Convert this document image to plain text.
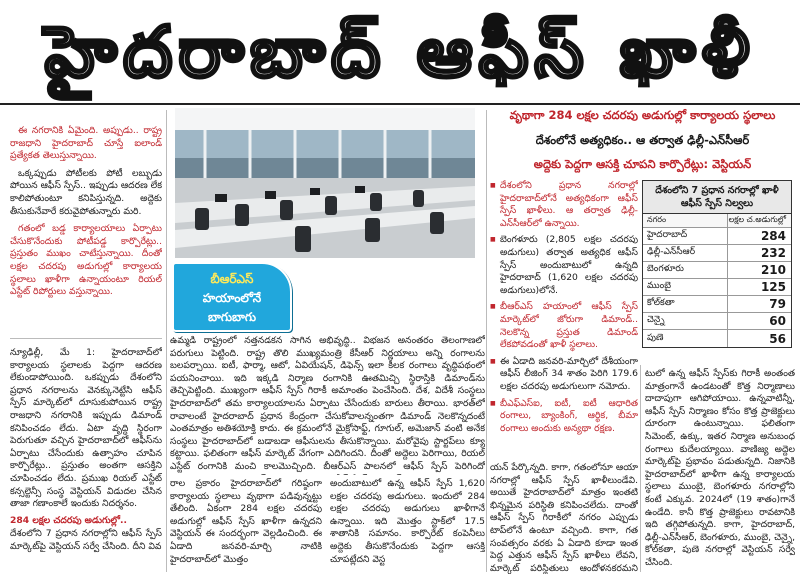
హైదరాబాద్ ఆఫీస్ ఖాళీ

ఈ నగరానికి ఏమైంది. అప్పుడు.. రాష్ట్ర రాజధాని హైదరాబాద్‌ చూస్తే ఐలాండ్‌ ప్రత్యేకత తెలుస్తున్నాయి.

ఒక్కప్పుడు పోటీలకు పోటీ లబ్బుడు పోయిన ఆఫీస్‌ స్పేస్‌.. ఇప్పుడు ఆదరణ లేక కాలిపోతుంటూ కనిపిస్తున్నది. అద్దెకు తీసుకునేవారే కరువైపోతున్నారు మరి.

గతంలో బడ్డ కార్యాలయాలు ఏర్పాటు చేసుకొనేందుకు పోటీపడ్డ కార్పొరేట్లు.. ప్రస్తుతం ముఖం చాటేస్తున్నాయి. దీంతో లక్షల చదరపు అడుగుల్లో కార్యాలయ స్థలాలు ఖాళీగా ఉన్నాయంటూ రియల్‌ ఎస్టేట్‌ రిపోర్టులు వస్తున్నాయి.

బీఆర్‌ఎస్‌
హయాంలోనే
బాగుబాగు
వృథాగా 284 లక్షల చదరపు అడుగుల్లో కార్యాలయ స్థలాలు
దేశంలోనే అత్యధికం.. ఆ తర్వాత ఢిల్లీ-ఎన్‌సీఆర్‌
అద్దెకు పెద్దగా ఆసక్తి చూపని కార్పొరేట్లు: వెస్టియన్‌

■ దేశంలోని ప్రధాన నగరాల్లో హైదరాబాద్‌లోనే అత్యధికంగా ఆఫీస్‌ స్పేస్‌ ఖాళీలు. ఆ తర్వాత ఢిల్లీ-ఎన్‌సీఆర్‌లో ఉన్నాయి.

■ బెంగళూరు (2,805 లక్షల చదరపు అడుగులు) తర్వాత అత్యధిక ఆఫీస్‌ స్పేస్‌ అందుబాటులో ఉన్నది హైదరాబాద్‌ (1,620 లక్షల చదరపు అడుగులు)లోనే.

■ బీఆర్‌ఎస్‌ హయాంలో ఆఫీస్‌ స్పేస్‌ మార్కెట్‌లో జోరుగా డిమాండ్‌.. నెలకొన్న ప్రస్తుత డిమాండ్‌ లేకపోవడంతో ఖాళీ స్థలాలు.

■ ఈ ఏడాది జనవరి-మార్చిలో దేశీయంగా ఆఫీస్‌ లీజింగ్‌ 34 శాతం పెరిగి 179.6 లక్షల చదరపు అడుగులుగా నమోదు.

■ బీఎఫ్‌ఎస్‌ఐ, ఐటీ, ఐటీ ఆధారిత రంగాలు, బ్యాంకింగ్‌, ఆర్థిక, బీమా రంగాలు అందుకు అన్యథా రక్షణ.

దేశంలోని 7 ప్రధాన నగరాల్లో ఖాళీ ఆఫీస్‌ స్పేస్‌ నిల్వలు
నగరం	లక్షల చ.అడుగుల్లో
హైదరాబాద్‌	284
ఢిల్లీ-ఎన్‌సీఆర్‌	232
బెంగళూరు	210
ముంబై	125
కోల్‌కతా	79
చెన్నై	60
పుణె	56

న్యూఢిల్లీ, మే 1: హైదరాబాద్‌లో కార్యాలయ స్థలాలకు పెద్దగా ఆదరణ లేకుండాపోయింది. ఒకప్పుడు దేశంలోని ప్రధాన నగరాలను వెనక్కునెట్టేసి ఆఫీస్‌ స్పేస్‌ మార్కెట్‌లో దూసుకుపోయిన రాష్ట్ర రాజధాని నగరానికి ఇప్పుడు డిమాండ్‌ కనిపించడం లేదు. ఏటా వృద్ధి స్థిరంగా పెరుగుతూ వచ్చిన హైదరాబాద్‌లో ఆఫీస్‌ను ఏర్పాటు చేసేందుకు ఉత్సాహం చూపిన కార్పొరేట్లు.. ప్రస్తుతం అంతగా ఆసక్తిని చూపించడం లేదు. ప్రముఖ రియల్‌ ఎస్టేట్‌ కన్సల్టెన్సీ సంస్థ వెస్టియన్‌ విడుదల చేసిన తాజా గణాంకాలే ఇందుకు నిదర్శనం.

284 లక్షల చదరపు అడుగుల్లో..

దేశంలోని 7 ప్రధాన నగరాల్లోని ఆఫీస్‌ స్పేస్‌ మార్కెట్‌పై వెస్టియన్‌ సర్వే చేసింది. దీని వివ

ఉమ్మడి రాష్ట్రంలో నత్తనడకన సాగిన అభివృద్ధి.. విభజన అనంతరం తెలంగాణలో పరుగులు పెట్టింది. రాష్ట్ర తొలి ముఖ్యమంత్రి కేసీఆర్‌ నిర్ణయాలు అన్ని రంగాలను బలపర్చాయి. ఐటీ, ఫార్మా, ఆటో, ఏవియేషన్‌, డిఫెన్స్‌ ఇలా కీలక రంగాలు వృద్ధిపథంలో పయనించాయి. ఇది ఇక్కడి నిర్మాణ రంగానికి ఊతమిచ్చి స్థిరాస్తికి డిమాండ్‌ను తెచ్చిపెట్టింది. ముఖ్యంగా ఆఫీస్‌ స్పేస్‌ గిరాకీ అమాంతం పెంచేసింది. దేశ, విదేశీ సంస్థలు హైదరాబాద్‌లో తమ కార్యాలయాలను ఏర్పాటు చేసేందుకు బారులు తీరాయి. భారత్‌లో రావాలంటే హైదరాబాద్‌ ప్రధాన కేంద్రంగా చేసుకోవాలన్నంతగా డిమాండ్‌ నెలకొన్నదంటే ఎంతమాత్రం అతిశయోక్తి కాదు. ఈ క్రమంలోనే మైక్రోసాఫ్ట్‌, గూగుల్‌, అమెజాన్‌ వంటి అనేక సంస్థలు హైదరాబాద్‌లో బడాబడా ఆఫీసులను తీసుకొన్నాయి. మరోవైపు స్టార్టప్‌లు క్యూ కట్టాయి. ఫలితంగా ఆఫీస్‌ మార్కెట్‌ వేగంగా ఎదిగిందని. దీంతో అద్దెలు పెరిగాయి, రియల్‌ ఎస్టేట్‌ రంగానికి మంచి కాలమొచ్చింది. బీఆర్‌ఎస్‌ పాలనలో ఆఫీస్‌ స్పేస్‌ పెరిగిందో

రాల ప్రకారం హైదరాబాద్‌లో గరిష్ఠంగా కార్యాలయ స్థలాలు వృథాగా పడివున్నట్టు తేలింది. ఏకంగా 284 లక్షల చదరపు అడుగుల్లో ఆఫీస్‌ స్పేస్‌ ఖాళీగా ఉన్నదని వెస్టియన్‌ ఈ సందర్భంగా వెల్లడించింది. ఈ ఏడాది జనవరి-మార్చి నాటికి హైదరాబాద్‌లో మొత్తం

అందుబాటులో ఉన్న ఆఫీస్‌ స్పేస్‌ 1,620 లక్షల చదరపు అడుగులు. ఇందులో 284 లక్షల చదరపు అడుగులు ఖాళీగానే ఉన్నాయి. ఇది మొత్తం స్టాక్‌లో 17.5 శాతానికి సమానం. కార్పొరేట్‌ కంపెనీలు అద్దెకు తీసుకొనేందుకు పెద్దగా ఆసక్తి చూపట్లేదని వెస్ట

యన్‌ పేర్కొన్నది. కాగా, గతంలోనూ ఆయా నగరాల్లో ఆఫీస్‌ స్పేస్‌ ఖాళీలుండేవి. అయితే హైదరాబాద్‌లో మాత్రం ఇంతటి భిన్నమైన పరిస్థితి కనిపించలేదు. దాంతో ఆఫీస్‌ స్పేస్‌ గిరాకీలో నగరం ఎప్పుడు టాప్‌లోనే ఉంటూ వచ్చింది. కాగా, గత సంవత్సరం వరకు ఏ ఏడాది కూడా ఇంత పెద్ద ఎత్తున ఆఫీస్‌ స్పేస్‌ ఖాళీలు లేవని, మార్కెట్‌ పరిస్థితులు ఆందోళనకరమని

టులో ఉన్న ఆఫీస్‌ స్పేస్‌కు గిరాకీ అంతంత మాత్రంగానే ఉండటంతో కొత్త నిర్మాణాలు దాదాపుగా ఆగిపోయాయి. ఉన్నవాటిన్నీ, ఆఫీస్‌ స్పేస్‌ నిర్మాణం కోసం కొత్త ప్రాజెక్టులు దూరంగా ఉంటున్నాయి. ఫలితంగా సిమెంట్‌, ఉక్కు, ఇతర నిర్మాణ అనుబంధ రంగాలు కుదేలయ్యాయి. వాణిజ్య అద్దెల మార్కెట్‌పై ప్రభావం పడుతున్నది. నిజానికి హైదరాబాద్‌లో ఖాళీగా ఉన్న కార్యాలయ స్థలాలు ముంబై, బెంగళూరు నగరాల్లోని కంటే ఎక్కువ. 2024లో (19 శాతం)గానే ఉండేది. కానీ కొత్త ప్రాజెక్టులు రావటానికి ఇది తగ్గిపోతున్నది. కాగా, హైదరాబాద్‌, ఢిల్లీ-ఎన్‌సీఆర్‌, బెంగళూరు, ముంబై, చెన్నై, కోల్‌కతా, పుణె నగరాల్లో వెస్టియన్‌ సర్వే చేసింది.
